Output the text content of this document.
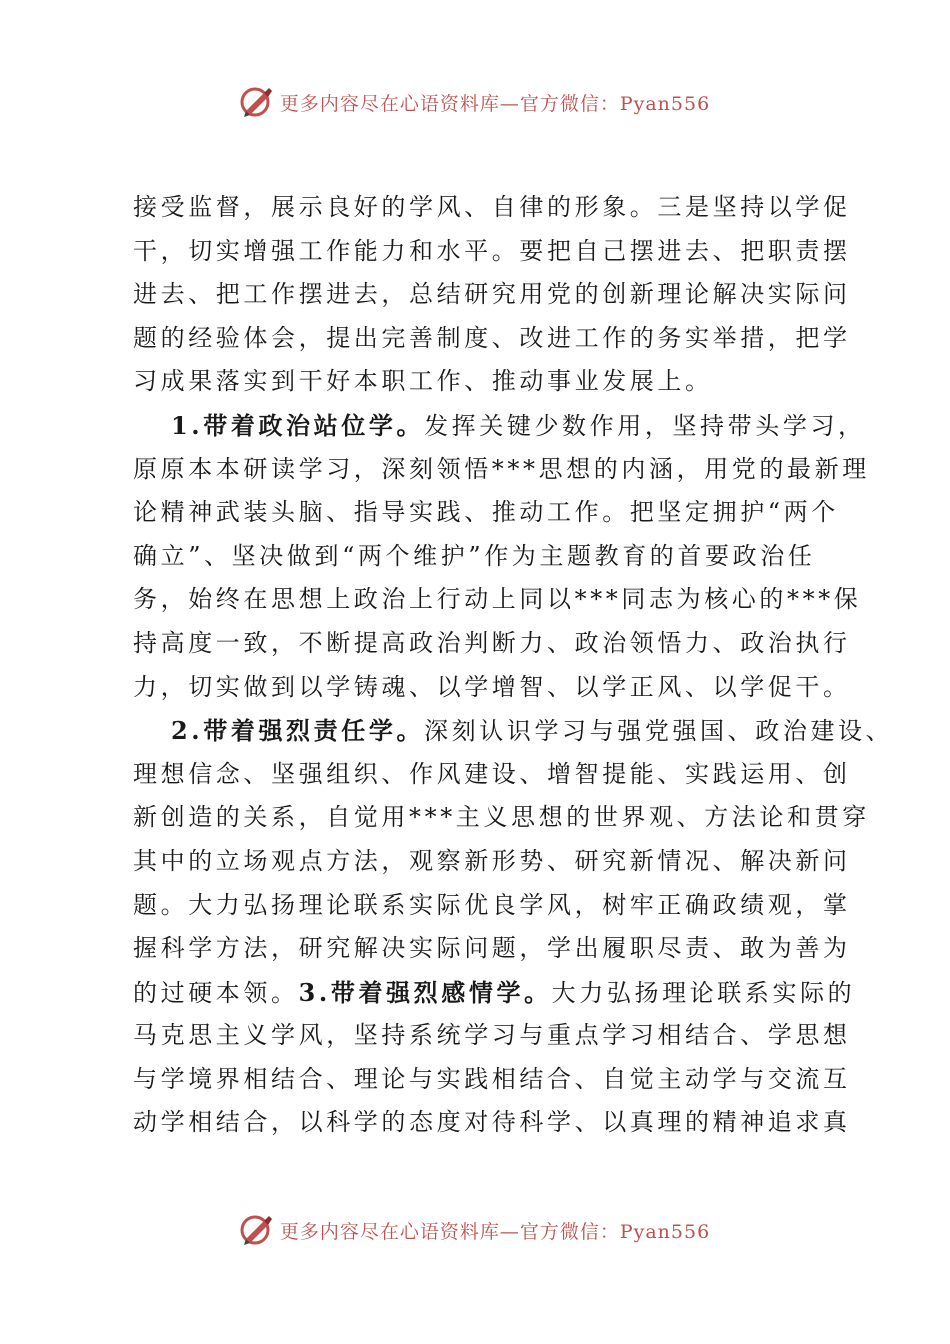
更多内容尽在心语资料库—官方微信：Pyan556
接受监督，展示良好的学风、自律的形象。三是坚持以学促
干，切实增强工作能力和水平。要把自己摆进去、把职责摆
进去、把工作摆进去，总结研究用党的创新理论解决实际问
题的经验体会，提出完善制度、改进工作的务实举措，把学
习成果落实到干好本职工作、推动事业发展上。
1.带着政治站位学。发挥关键少数作用，坚持带头学习，
原原本本研读学习，深刻领悟***思想的内涵，用党的最新理
论精神武装头脑、指导实践、推动工作。把坚定拥护“两个
确立”、坚决做到“两个维护”作为主题教育的首要政治任
务，始终在思想上政治上行动上同以***同志为核心的***保
持高度一致，不断提高政治判断力、政治领悟力、政治执行
力，切实做到以学铸魂、以学增智、以学正风、以学促干。
2.带着强烈责任学。深刻认识学习与强党强国、政治建设、
理想信念、坚强组织、作风建设、增智提能、实践运用、创
新创造的关系，自觉用***主义思想的世界观、方法论和贯穿
其中的立场观点方法，观察新形势、研究新情况、解决新问
题。大力弘扬理论联系实际优良学风，树牢正确政绩观，掌
握科学方法，研究解决实际问题，学出履职尽责、敢为善为
的过硬本领。3.带着强烈感情学。大力弘扬理论联系实际的
马克思主义学风，坚持系统学习与重点学习相结合、学思想
与学境界相结合、理论与实践相结合、自觉主动学与交流互
动学相结合，以科学的态度对待科学、以真理的精神追求真
更多内容尽在心语资料库—官方微信：Pyan556
